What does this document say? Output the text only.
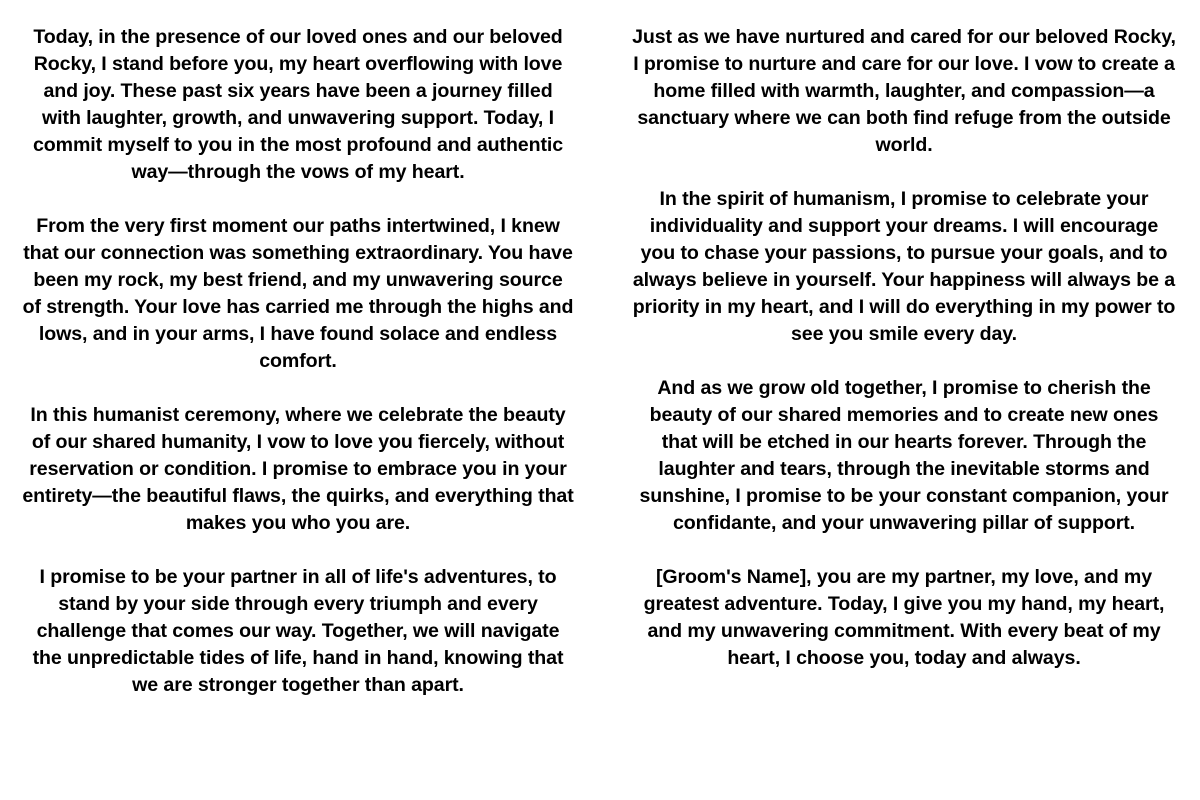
Today, in the presence of our loved ones and our beloved Rocky, I stand before you, my heart overflowing with love and joy. These past six years have been a journey filled with laughter, growth, and unwavering support. Today, I commit myself to you in the most profound and authentic way—through the vows of my heart.

From the very first moment our paths intertwined, I knew that our connection was something extraordinary. You have been my rock, my best friend, and my unwavering source of strength. Your love has carried me through the highs and lows, and in your arms, I have found solace and endless comfort.

In this humanist ceremony, where we celebrate the beauty of our shared humanity, I vow to love you fiercely, without reservation or condition. I promise to embrace you in your entirety—the beautiful flaws, the quirks, and everything that makes you who you are.

I promise to be your partner in all of life's adventures, to stand by your side through every triumph and every challenge that comes our way. Together, we will navigate the unpredictable tides of life, hand in hand, knowing that we are stronger together than apart.

Just as we have nurtured and cared for our beloved Rocky, I promise to nurture and care for our love. I vow to create a home filled with warmth, laughter, and compassion—a sanctuary where we can both find refuge from the outside world.

In the spirit of humanism, I promise to celebrate your individuality and support your dreams. I will encourage you to chase your passions, to pursue your goals, and to always believe in yourself. Your happiness will always be a priority in my heart, and I will do everything in my power to see you smile every day.

And as we grow old together, I promise to cherish the beauty of our shared memories and to create new ones that will be etched in our hearts forever. Through the laughter and tears, through the inevitable storms and sunshine, I promise to be your constant companion, your confidante, and your unwavering pillar of support.

[Groom's Name], you are my partner, my love, and my greatest adventure. Today, I give you my hand, my heart, and my unwavering commitment. With every beat of my heart, I choose you, today and always.
